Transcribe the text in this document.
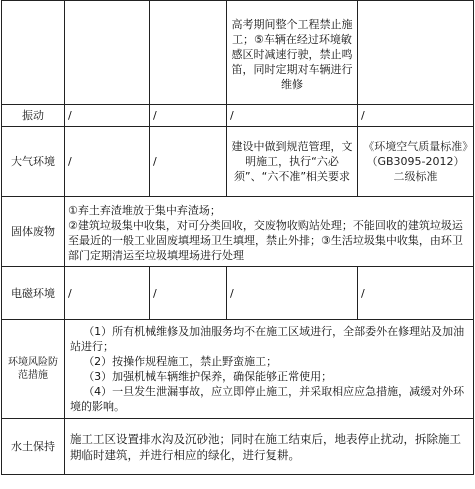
			高考期间整个工程禁止施工；⑤车辆在经过环境敏感区时减速行驶，禁止鸣笛，同时定期对车辆进行维修	
振动	/	/	/	/
大气环境	/	/	建设中做到规范管理，文明施工，执行“六必须”、“六不准”相关要求	《环境空气质量标准》（GB3095-2012）二级标准
固体废物	①弃土弃渣堆放于集中弃渣场；
②建筑垃圾集中收集，对可分类回收，交废物收购站处理；不能回收的建筑垃圾运至最近的一般工业固废填埋场卫生填埋，禁止外排；③生活垃圾集中收集，由环卫部门定期清运至垃圾填埋场进行处理			

电磁环境	/	/	/	/
环境风险防范措施	（1）所有机械维修及加油服务均不在施工区域进行，全部委外在修理站及加油站进行；
（2）按操作规程施工，禁止野蛮施工；
（3）加强机械车辆维护保养，确保能够正常使用；
（4）一旦发生泄漏事故，应立即停止施工，并采取相应应急措施，减缓对外环境的影响。			

水土保持	施工工区设置排水沟及沉砂池；同时在施工结束后，地表停止扰动，拆除施工期临时建筑，并进行相应的绿化，进行复耕。			
